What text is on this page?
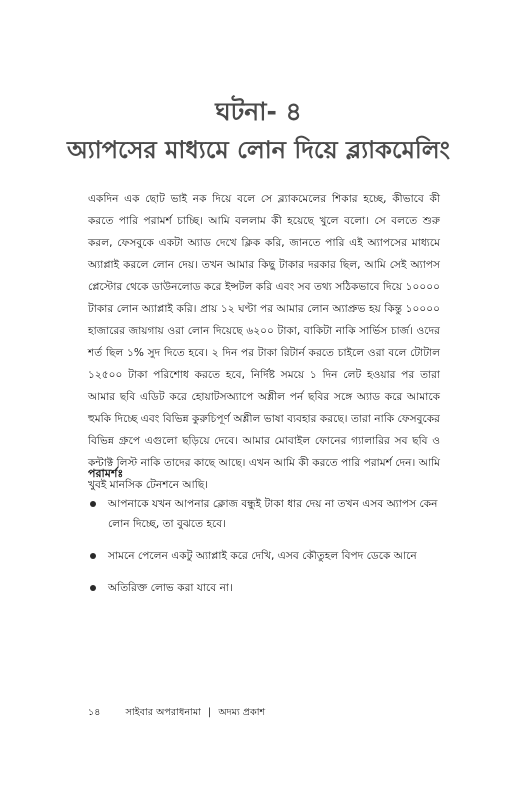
ঘটনা- ৪
অ্যাপসের মাধ্যমে লোন দিয়ে ব্ল্যাকমেলিং

একদিন এক ছোট ভাই নক দিয়ে বলে সে ব্ল্যাকমেলের শিকার হচ্ছে, কীভাবে কী করতে পারি পরামর্শ চাচ্ছি। আমি বললাম কী হয়েছে খুলে বলো। সে বলতে শুরু করল, ফেসবুকে একটা অ্যাড দেখে ক্লিক করি, জানতে পারি এই অ্যাপসের মাধ্যমে অ্যাপ্লাই করলে লোন দেয়। তখন আমার কিছু টাকার দরকার ছিল, আমি সেই অ্যাপস প্লেস্টোর থেকে ডাউনলোড করে ইন্সটল করি এবং সব তথ্য সঠিকভাবে দিয়ে ১০০০০ টাকার লোন অ্যাপ্লাই করি। প্রায় ১২ ঘণ্টা পর আমার লোন অ্যাপ্রুভ হয় কিন্তু ১০০০০ হাজারের জায়গায় ওরা লোন দিয়েছে ৬২০০ টাকা, বাকিটা নাকি সার্ভিস চার্জ। ওদের শর্ত ছিল ১% সুদ দিতে হবে। ২ দিন পর টাকা রিটার্ন করতে চাইলে ওরা বলে টোটাল ১২৫০০ টাকা পরিশোধ করতে হবে, নির্দিষ্ট সময়ে ১ দিন লেট হওয়ার পর তারা আমার ছবি এডিট করে হোয়াটসঅ্যাপে অশ্লীল পর্ন ছবির সঙ্গে অ্যাড করে আমাকে হুমকি দিচ্ছে এবং বিভিন্ন কুরুচিপূর্ণ অশ্লীল ভাষা ব্যবহার করছে। তারা নাকি ফেসবুকের বিভিন্ন গ্রুপে এগুলো ছড়িয়ে দেবে। আমার মোবাইল ফোনের গ্যালারির সব ছবি ও কন্টাক্ট লিস্ট নাকি তাদের কাছে আছে। এখন আমি কী করতে পারি পরামর্শ দেন। আমি খুবই মানসিক টেনশনে আছি।

পরামর্শঃ

আপনাকে যখন আপনার ক্লোজ বন্ধুই টাকা ধার দেয় না তখন এসব অ্যাপস কেন লোন দিচ্ছে, তা বুঝতে হবে।
সামনে পেলেন একটু অ্যাপ্লাই করে দেখি, এসব কৌতুহল বিপদ ডেকে আনে
অতিরিক্ত লোভ করা যাবে না।
১৪	সাইবার অপরাধনামা | অদম্য প্রকাশ
